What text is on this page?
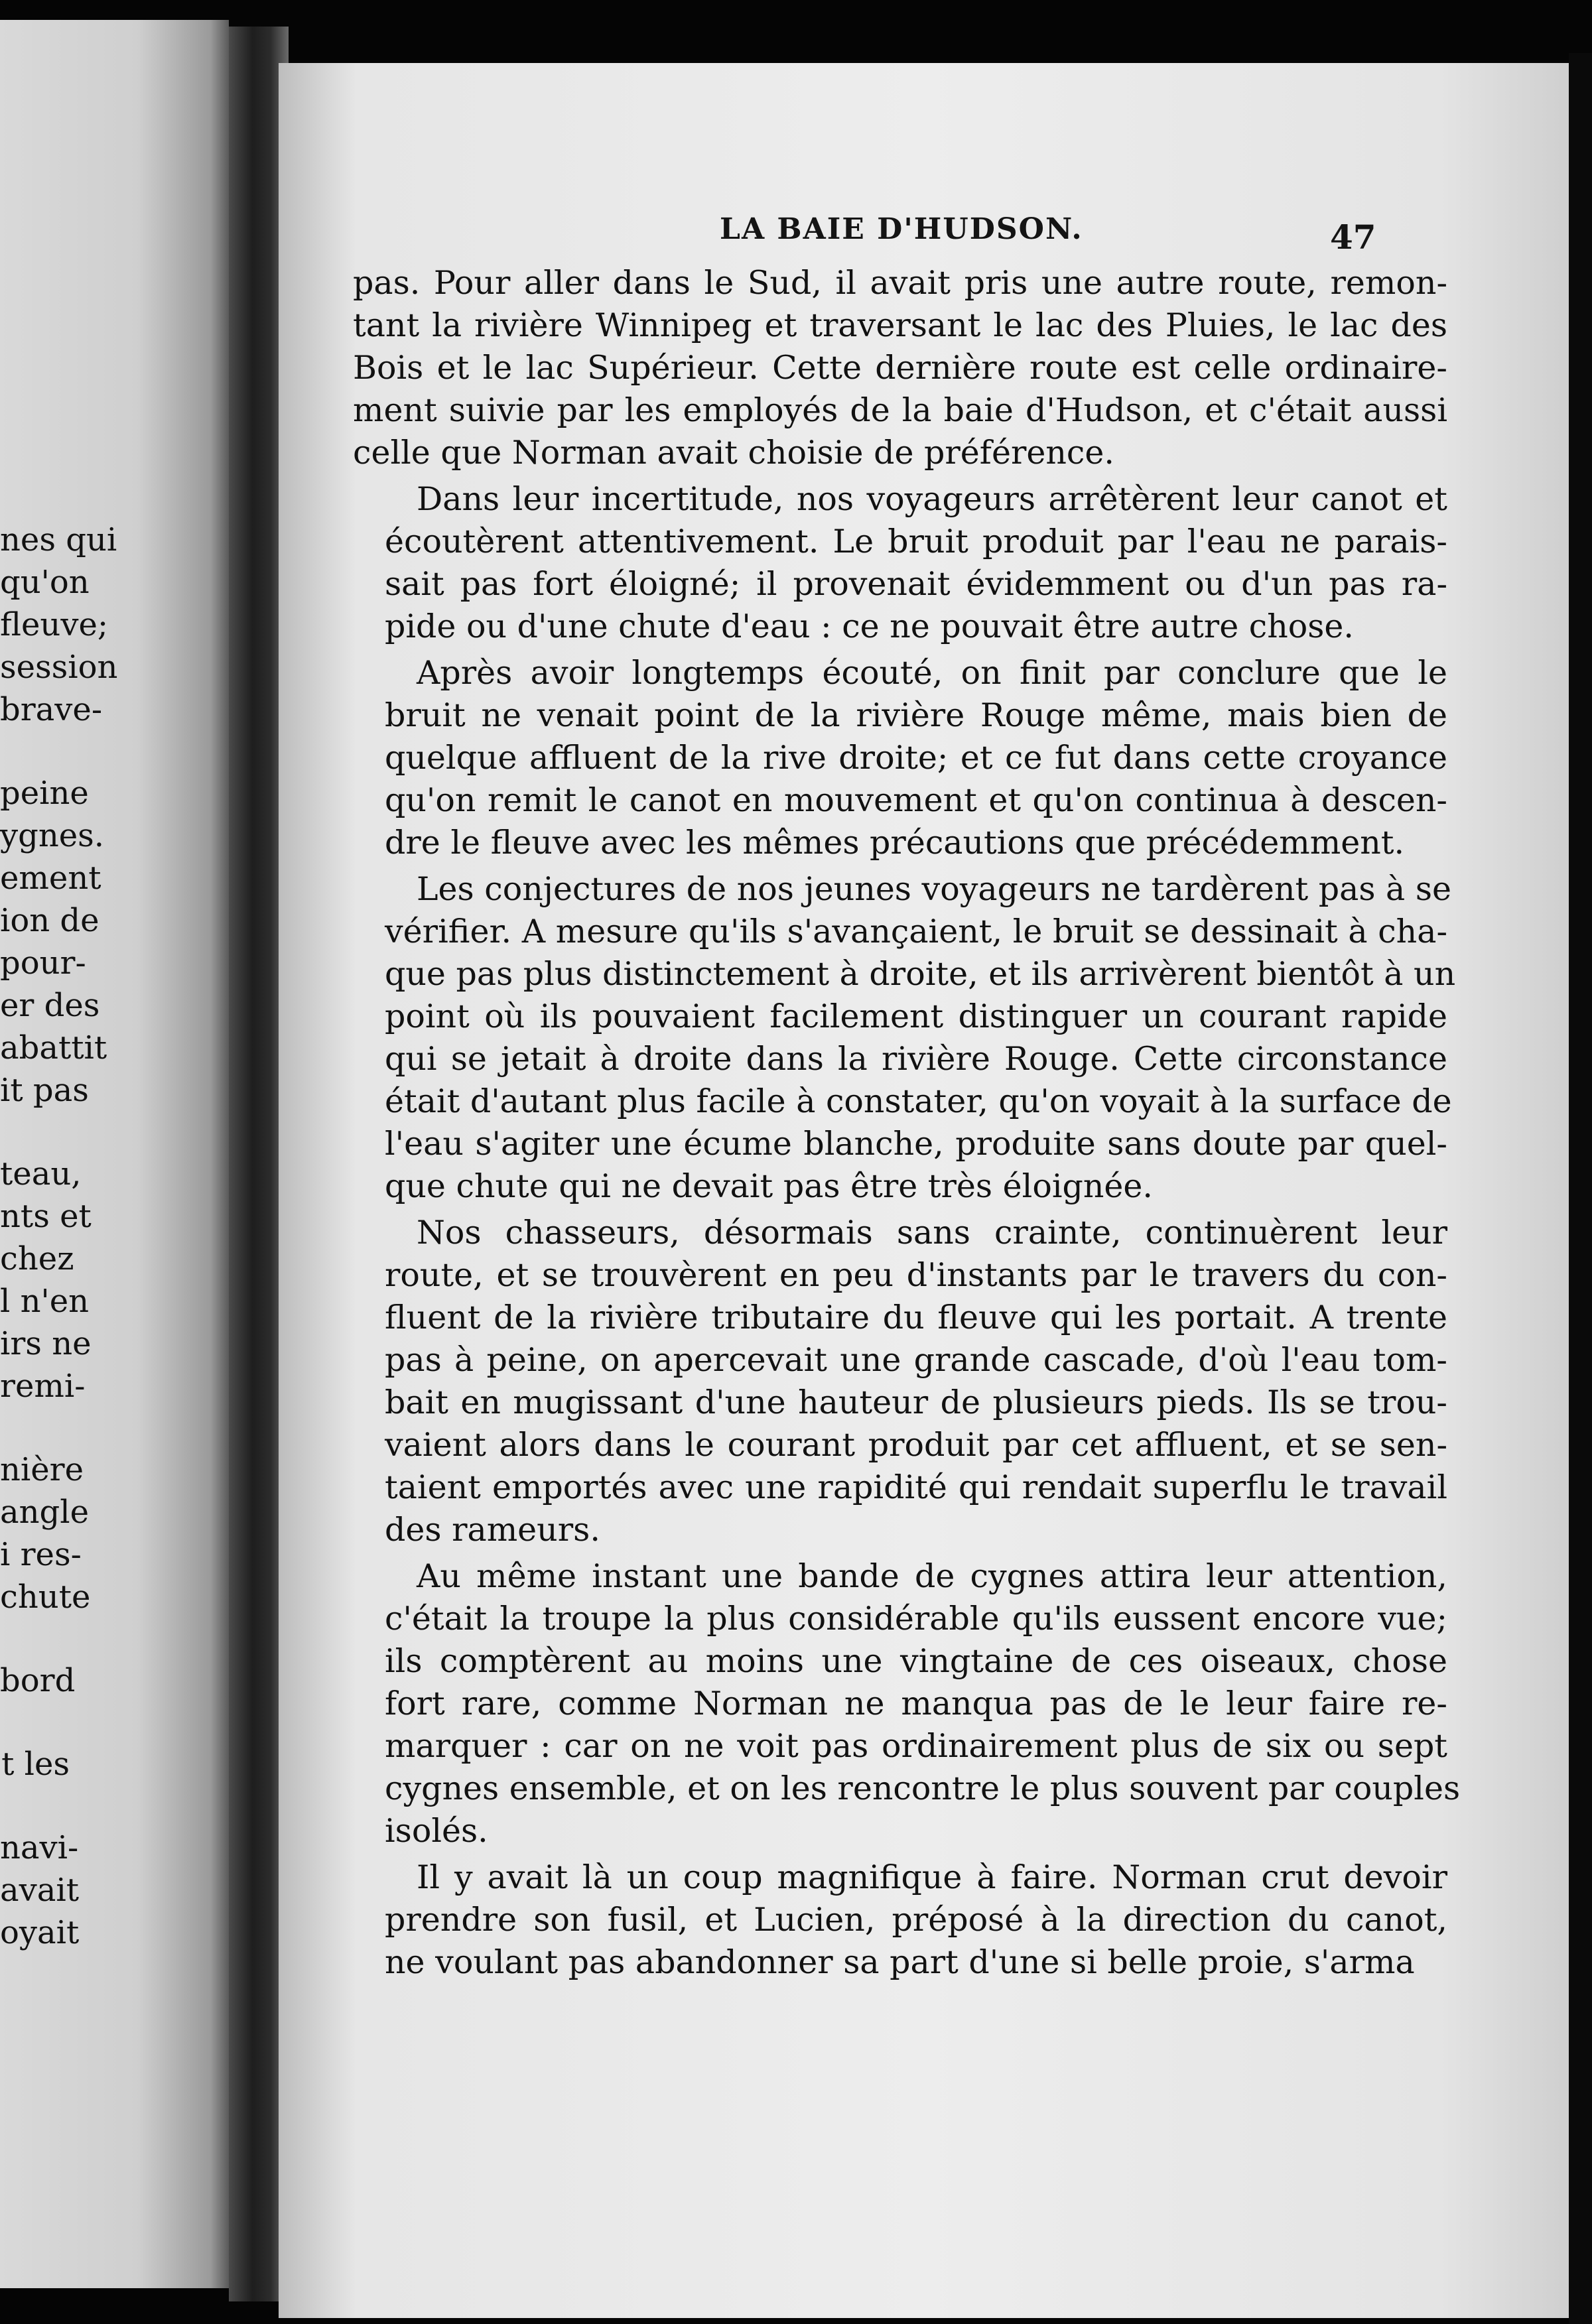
nes qui
qu'on
fleuve;
session
brave-
peine
ygnes.
ement
ion de
pour-
er des
abattit
it pas
teau,
nts et
chez
l n'en
irs ne
remi-
nière
angle
i res-
chute
bord
t les
navi-
avait
oyait
LA BAIE D'HUDSON.	47

pas. Pour aller dans le Sud, il avait pris une autre route, remon-
tant la rivière Winnipeg et traversant le lac des Pluies, le lac des
Bois et le lac Supérieur. Cette dernière route est celle ordinaire-
ment suivie par les employés de la baie d'Hudson, et c'était aussi
celle que Norman avait choisie de préférence.

Dans leur incertitude, nos voyageurs arrêtèrent leur canot et
écoutèrent attentivement. Le bruit produit par l'eau ne parais-
sait pas fort éloigné; il provenait évidemment ou d'un pas ra-
pide ou d'une chute d'eau : ce ne pouvait être autre chose.

Après avoir longtemps écouté, on finit par conclure que le
bruit ne venait point de la rivière Rouge même, mais bien de
quelque affluent de la rive droite; et ce fut dans cette croyance
qu'on remit le canot en mouvement et qu'on continua à descen-
dre le fleuve avec les mêmes précautions que précédemment.

Les conjectures de nos jeunes voyageurs ne tardèrent pas à se
vérifier. A mesure qu'ils s'avançaient, le bruit se dessinait à cha-
que pas plus distinctement à droite, et ils arrivèrent bientôt à un
point où ils pouvaient facilement distinguer un courant rapide
qui se jetait à droite dans la rivière Rouge. Cette circonstance
était d'autant plus facile à constater, qu'on voyait à la surface de
l'eau s'agiter une écume blanche, produite sans doute par quel-
que chute qui ne devait pas être très éloignée.

Nos chasseurs, désormais sans crainte, continuèrent leur
route, et se trouvèrent en peu d'instants par le travers du con-
fluent de la rivière tributaire du fleuve qui les portait. A trente
pas à peine, on apercevait une grande cascade, d'où l'eau tom-
bait en mugissant d'une hauteur de plusieurs pieds. Ils se trou-
vaient alors dans le courant produit par cet affluent, et se sen-
taient emportés avec une rapidité qui rendait superflu le travail
des rameurs.

Au même instant une bande de cygnes attira leur attention,
c'était la troupe la plus considérable qu'ils eussent encore vue;
ils comptèrent au moins une vingtaine de ces oiseaux, chose
fort rare, comme Norman ne manqua pas de le leur faire re-
marquer : car on ne voit pas ordinairement plus de six ou sept
cygnes ensemble, et on les rencontre le plus souvent par couples
isolés.

Il y avait là un coup magnifique à faire. Norman crut devoir
prendre son fusil, et Lucien, préposé à la direction du canot,
ne voulant pas abandonner sa part d'une si belle proie, s'arma
